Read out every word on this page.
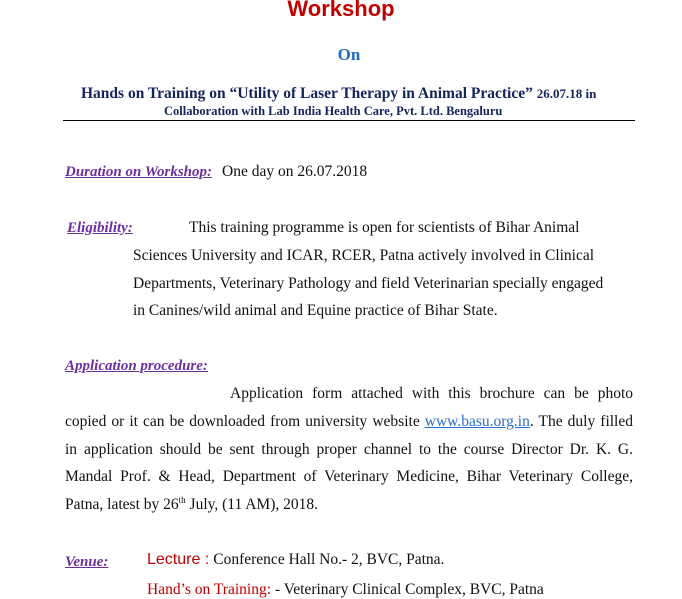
Workshop
On
Hands on Training on “Utility of Laser Therapy in Animal Practice” 26.07.18 in
Collaboration with Lab India Health Care, Pvt. Ltd. Bengaluru
Duration on Workshop: One day on 26.07.2018
Eligibility:	This training programme is open for scientists of Bihar Animal
Sciences University and ICAR, RCER, Patna actively involved in Clinical
Departments, Veterinary Pathology and field Veterinarian specially engaged
in Canines/wild animal and Equine practice of Bihar State.
Application procedure:
Application form attached with this brochure can be photo
copied or it can be downloaded from university website www.basu.org.in. The duly filled
in application should be sent through proper channel to the course Director Dr. K. G.
Mandal Prof. & Head, Department of Veterinary Medicine, Bihar Veterinary College,
Patna, latest by 26th July, (11 AM), 2018.
Venue: Lecture : Conference Hall No.- 2, BVC, Patna.
Hand’s on Training: - Veterinary Clinical Complex, BVC, Patna
